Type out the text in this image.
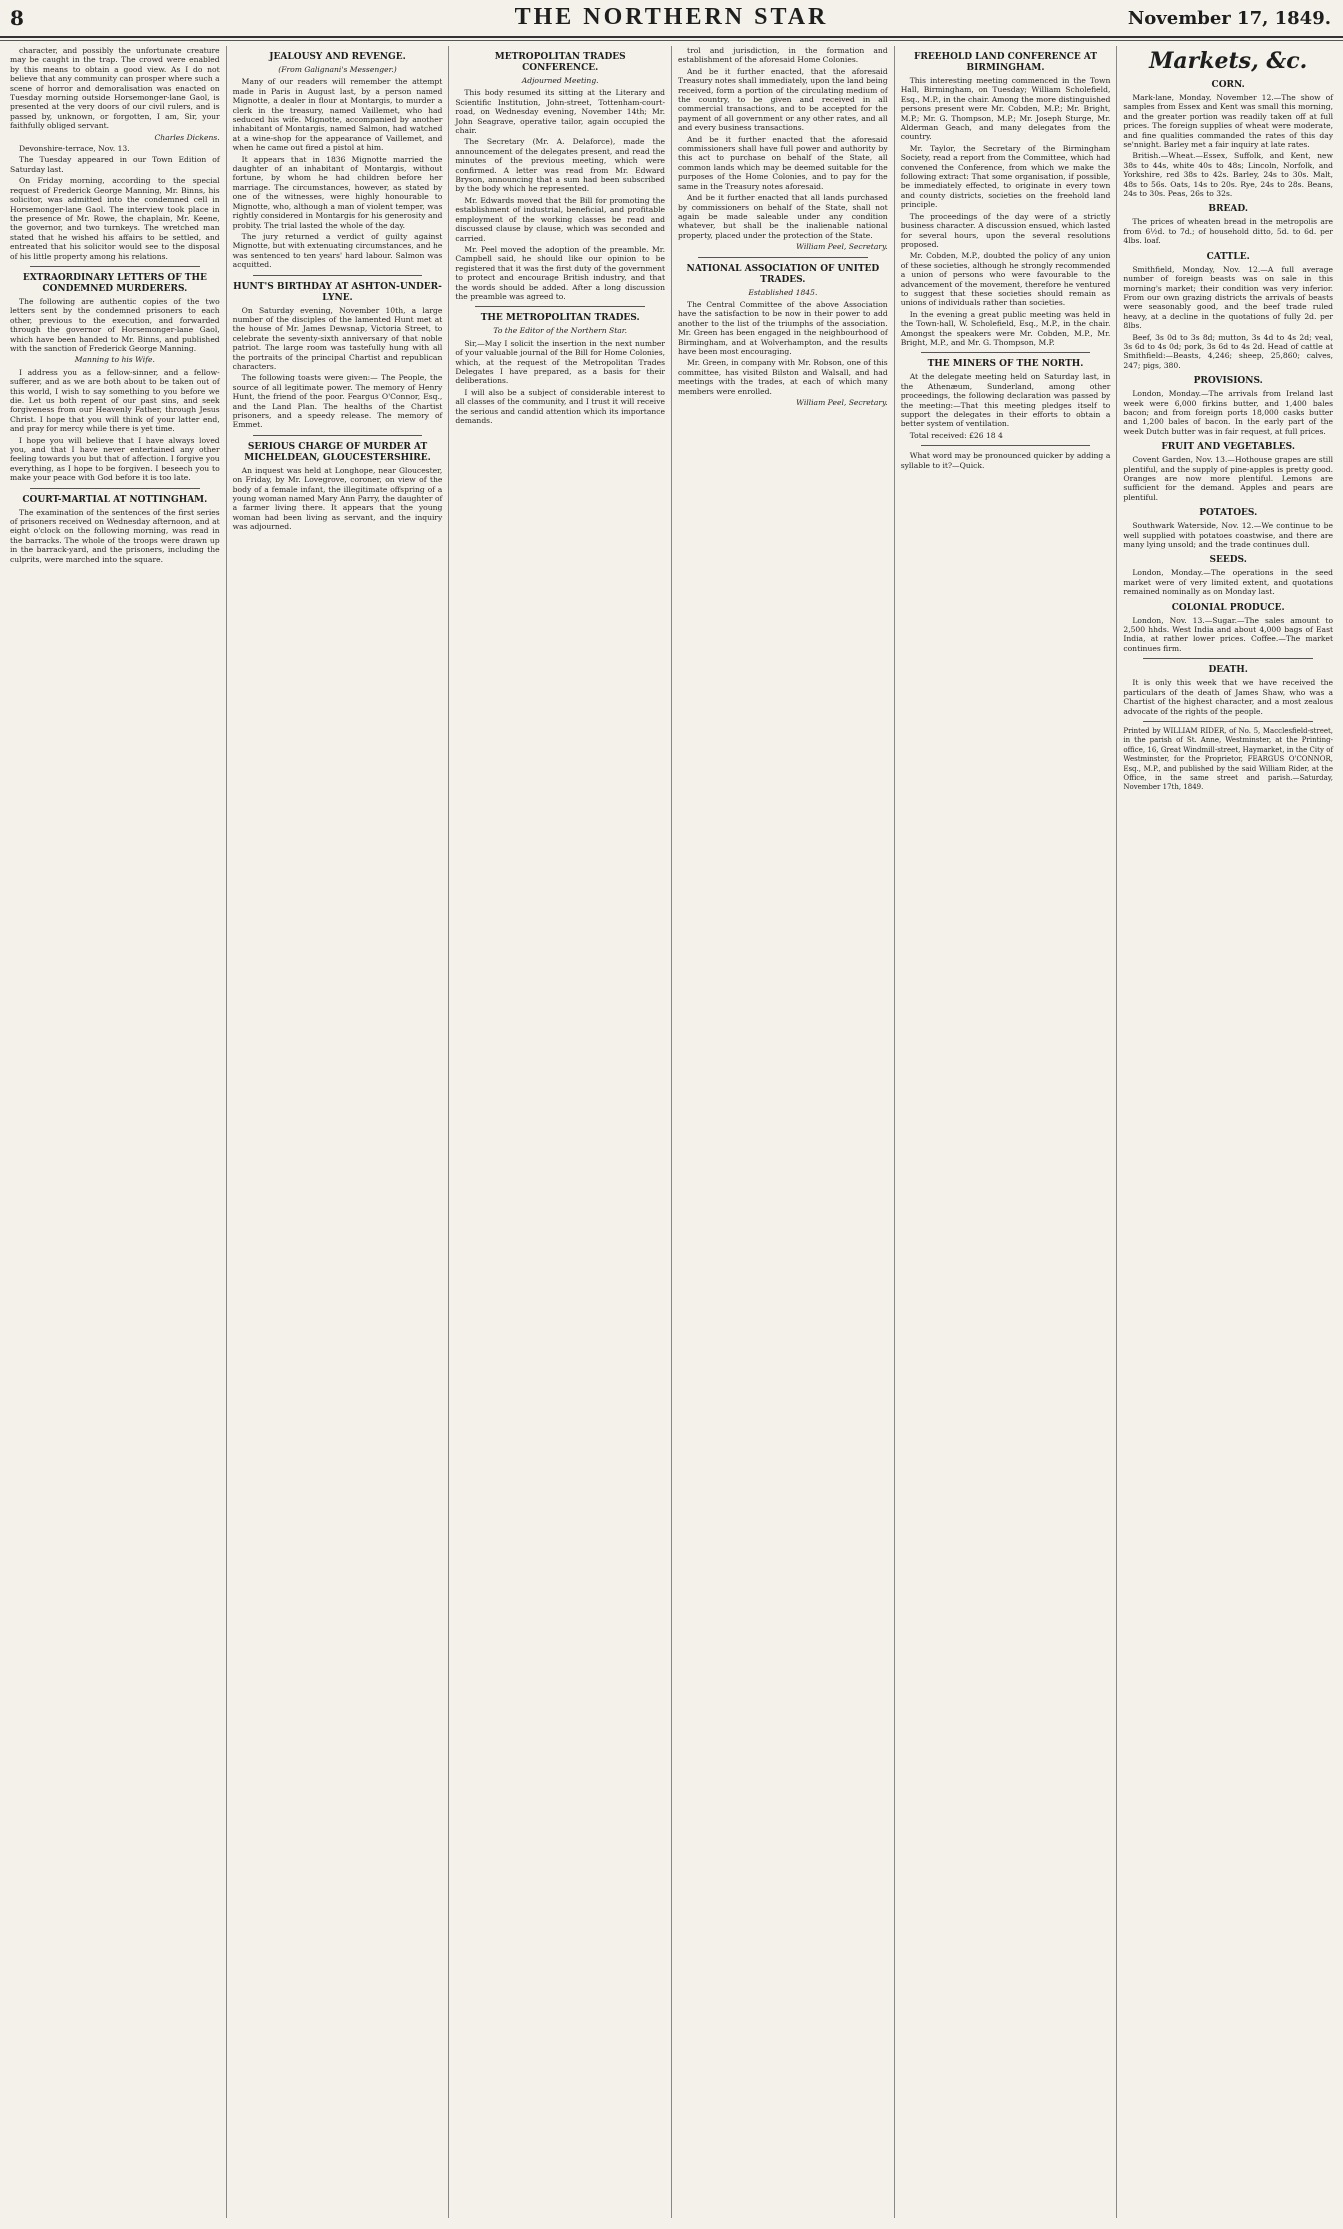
8	THE NORTHERN STAR	November 17, 1849.

character, and possibly the unfortunate creature may be caught in the trap. The crowd were enabled by this means to obtain a good view. As I do not believe that any community can prosper where such a scene of horror and demoralisation was enacted on Tuesday morning outside Horsemonger-lane Gaol, is presented at the very doors of our civil rulers, and is passed by, unknown, or forgotten, I am, Sir, your faithfully obliged servant.

Charles Dickens.

Devonshire-terrace, Nov. 13.

The Tuesday appeared in our Town Edition of Saturday last.

On Friday morning, according to the special request of Frederick George Manning, Mr. Binns, his solicitor, was admitted into the condemned cell in Horsemonger-lane Gaol. The interview took place in the presence of Mr. Rowe, the chaplain, Mr. Keene, the governor, and two turnkeys. The wretched man stated that he wished his affairs to be settled, and entreated that his solicitor would see to the disposal of his little property among his relations.

EXTRAORDINARY LETTERS OF THE CONDEMNED MURDERERS.

The following are authentic copies of the two letters sent by the condemned prisoners to each other, previous to the execution, and forwarded through the governor of Horsemonger-lane Gaol, which have been handed to Mr. Binns, and published with the sanction of Frederick George Manning.

Manning to his Wife.

I address you as a fellow-sinner, and a fellow-sufferer, and as we are both about to be taken out of this world, I wish to say something to you before we die. Let us both repent of our past sins, and seek forgiveness from our Heavenly Father, through Jesus Christ. I hope that you will think of your latter end, and pray for mercy while there is yet time.

I hope you will believe that I have always loved you, and that I have never entertained any other feeling towards you but that of affection. I forgive you everything, as I hope to be forgiven. I beseech you to make your peace with God before it is too late.

COURT-MARTIAL AT NOTTINGHAM.

The examination of the sentences of the first series of prisoners received on Wednesday afternoon, and at eight o'clock on the following morning, was read in the barracks. The whole of the troops were drawn up in the barrack-yard, and the prisoners, including the culprits, were marched into the square.

JEALOUSY AND REVENGE.

(From Galignani's Messenger.)

Many of our readers will remember the attempt made in Paris in August last, by a person named Mignotte, a dealer in flour at Montargis, to murder a clerk in the treasury, named Vaillemet, who had seduced his wife. Mignotte, accompanied by another inhabitant of Montargis, named Salmon, had watched at a wine-shop for the appearance of Vaillemet, and when he came out fired a pistol at him.

It appears that in 1836 Mignotte married the daughter of an inhabitant of Montargis, without fortune, by whom he had children before her marriage. The circumstances, however, as stated by one of the witnesses, were highly honourable to Mignotte, who, although a man of violent temper, was rightly considered in Montargis for his generosity and probity. The trial lasted the whole of the day.

The jury returned a verdict of guilty against Mignotte, but with extenuating circumstances, and he was sentenced to ten years' hard labour. Salmon was acquitted.

HUNT'S BIRTHDAY AT ASHTON-UNDER-LYNE.

On Saturday evening, November 10th, a large number of the disciples of the lamented Hunt met at the house of Mr. James Dewsnap, Victoria Street, to celebrate the seventy-sixth anniversary of that noble patriot. The large room was tastefully hung with all the portraits of the principal Chartist and republican characters.

The following toasts were given:— The People, the source of all legitimate power. The memory of Henry Hunt, the friend of the poor. Feargus O'Connor, Esq., and the Land Plan. The healths of the Chartist prisoners, and a speedy release. The memory of Emmet.

SERIOUS CHARGE OF MURDER AT MICHELDEAN, GLOUCESTERSHIRE.

An inquest was held at Longhope, near Gloucester, on Friday, by Mr. Lovegrove, coroner, on view of the body of a female infant, the illegitimate offspring of a young woman named Mary Ann Parry, the daughter of a farmer living there. It appears that the young woman had been living as servant, and the inquiry was adjourned.

METROPOLITAN TRADES CONFERENCE.

Adjourned Meeting.

This body resumed its sitting at the Literary and Scientific Institution, John-street, Tottenham-court-road, on Wednesday evening, November 14th; Mr. John Seagrave, operative tailor, again occupied the chair.

The Secretary (Mr. A. Delaforce), made the announcement of the delegates present, and read the minutes of the previous meeting, which were confirmed. A letter was read from Mr. Edward Bryson, announcing that a sum had been subscribed by the body which he represented.

Mr. Edwards moved that the Bill for promoting the establishment of industrial, beneficial, and profitable employment of the working classes be read and discussed clause by clause, which was seconded and carried.

Mr. Peel moved the adoption of the preamble. Mr. Campbell said, he should like our opinion to be registered that it was the first duty of the government to protect and encourage British industry, and that the words should be added. After a long discussion the preamble was agreed to.

THE METROPOLITAN TRADES.

To the Editor of the Northern Star.

Sir,—May I solicit the insertion in the next number of your valuable journal of the Bill for Home Colonies, which, at the request of the Metropolitan Trades Delegates I have prepared, as a basis for their deliberations.

I will also be a subject of considerable interest to all classes of the community, and I trust it will receive the serious and candid attention which its importance demands.

trol and jurisdiction, in the formation and establishment of the aforesaid Home Colonies.

And be it further enacted, that the aforesaid Treasury notes shall immediately, upon the land being received, form a portion of the circulating medium of the country, to be given and received in all commercial transactions, and to be accepted for the payment of all government or any other rates, and all and every business transactions.

And be it further enacted that the aforesaid commissioners shall have full power and authority by this act to purchase on behalf of the State, all common lands which may be deemed suitable for the purposes of the Home Colonies, and to pay for the same in the Treasury notes aforesaid.

And be it further enacted that all lands purchased by commissioners on behalf of the State, shall not again be made saleable under any condition whatever, but shall be the inalienable national property, placed under the protection of the State.

William Peel, Secretary.

NATIONAL ASSOCIATION OF UNITED TRADES.

Established 1845.

The Central Committee of the above Association have the satisfaction to be now in their power to add another to the list of the triumphs of the association. Mr. Green has been engaged in the neighbourhood of Birmingham, and at Wolverhampton, and the results have been most encouraging.

Mr. Green, in company with Mr. Robson, one of this committee, has visited Bilston and Walsall, and had meetings with the trades, at each of which many members were enrolled.

William Peel, Secretary.

FREEHOLD LAND CONFERENCE AT BIRMINGHAM.

This interesting meeting commenced in the Town Hall, Birmingham, on Tuesday; William Scholefield, Esq., M.P., in the chair. Among the more distinguished persons present were Mr. Cobden, M.P.; Mr. Bright, M.P.; Mr. G. Thompson, M.P.; Mr. Joseph Sturge, Mr. Alderman Geach, and many delegates from the country.

Mr. Taylor, the Secretary of the Birmingham Society, read a report from the Committee, which had convened the Conference, from which we make the following extract: That some organisation, if possible, be immediately effected, to originate in every town and county districts, societies on the freehold land principle.

The proceedings of the day were of a strictly business character. A discussion ensued, which lasted for several hours, upon the several resolutions proposed.

Mr. Cobden, M.P., doubted the policy of any union of these societies, although he strongly recommended a union of persons who were favourable to the advancement of the movement, therefore he ventured to suggest that these societies should remain as unions of individuals rather than societies.

In the evening a great public meeting was held in the Town-hall, W. Scholefield, Esq., M.P., in the chair. Amongst the speakers were Mr. Cobden, M.P., Mr. Bright, M.P., and Mr. G. Thompson, M.P.

THE MINERS OF THE NORTH.

At the delegate meeting held on Saturday last, in the Athenæum, Sunderland, among other proceedings, the following declaration was passed by the meeting:—That this meeting pledges itself to support the delegates in their efforts to obtain a better system of ventilation.

Total received: £26 18 4

What word may be pronounced quicker by adding a syllable to it?—Quick.

Markets, &c.

CORN.

Mark-lane, Monday, November 12.—The show of samples from Essex and Kent was small this morning, and the greater portion was readily taken off at full prices. The foreign supplies of wheat were moderate, and fine qualities commanded the rates of this day se'nnight. Barley met a fair inquiry at late rates.

British.—Wheat.—Essex, Suffolk, and Kent, new 38s to 44s, white 40s to 48s; Lincoln, Norfolk, and Yorkshire, red 38s to 42s. Barley, 24s to 30s. Malt, 48s to 56s. Oats, 14s to 20s. Rye, 24s to 28s. Beans, 24s to 30s. Peas, 26s to 32s.

BREAD.

The prices of wheaten bread in the metropolis are from 6½d. to 7d.; of household ditto, 5d. to 6d. per 4lbs. loaf.

CATTLE.

Smithfield, Monday, Nov. 12.—A full average number of foreign beasts was on sale in this morning's market; their condition was very inferior. From our own grazing districts the arrivals of beasts were seasonably good, and the beef trade ruled heavy, at a decline in the quotations of fully 2d. per 8lbs.

Beef, 3s 0d to 3s 8d; mutton, 3s 4d to 4s 2d; veal, 3s 6d to 4s 0d; pork, 3s 6d to 4s 2d. Head of cattle at Smithfield:—Beasts, 4,246; sheep, 25,860; calves, 247; pigs, 380.

PROVISIONS.

London, Monday.—The arrivals from Ireland last week were 6,000 firkins butter, and 1,400 bales bacon; and from foreign ports 18,000 casks butter and 1,200 bales of bacon. In the early part of the week Dutch butter was in fair request, at full prices.

FRUIT AND VEGETABLES.

Covent Garden, Nov. 13.—Hothouse grapes are still plentiful, and the supply of pine-apples is pretty good. Oranges are now more plentiful. Lemons are sufficient for the demand. Apples and pears are plentiful.

POTATOES.

Southwark Waterside, Nov. 12.—We continue to be well supplied with potatoes coastwise, and there are many lying unsold; and the trade continues dull.

SEEDS.

London, Monday.—The operations in the seed market were of very limited extent, and quotations remained nominally as on Monday last.

COLONIAL PRODUCE.

London, Nov. 13.—Sugar.—The sales amount to 2,500 hhds. West India and about 4,000 bags of East India, at rather lower prices. Coffee.—The market continues firm.

DEATH.

It is only this week that we have received the particulars of the death of James Shaw, who was a Chartist of the highest character, and a most zealous advocate of the rights of the people.

Printed by WILLIAM RIDER, of No. 5, Macclesfield-street, in the parish of St. Anne, Westminster, at the Printing-office, 16, Great Windmill-street, Haymarket, in the City of Westminster, for the Proprietor, FEARGUS O'CONNOR, Esq., M.P., and published by the said William Rider, at the Office, in the same street and parish.—Saturday, November 17th, 1849.
